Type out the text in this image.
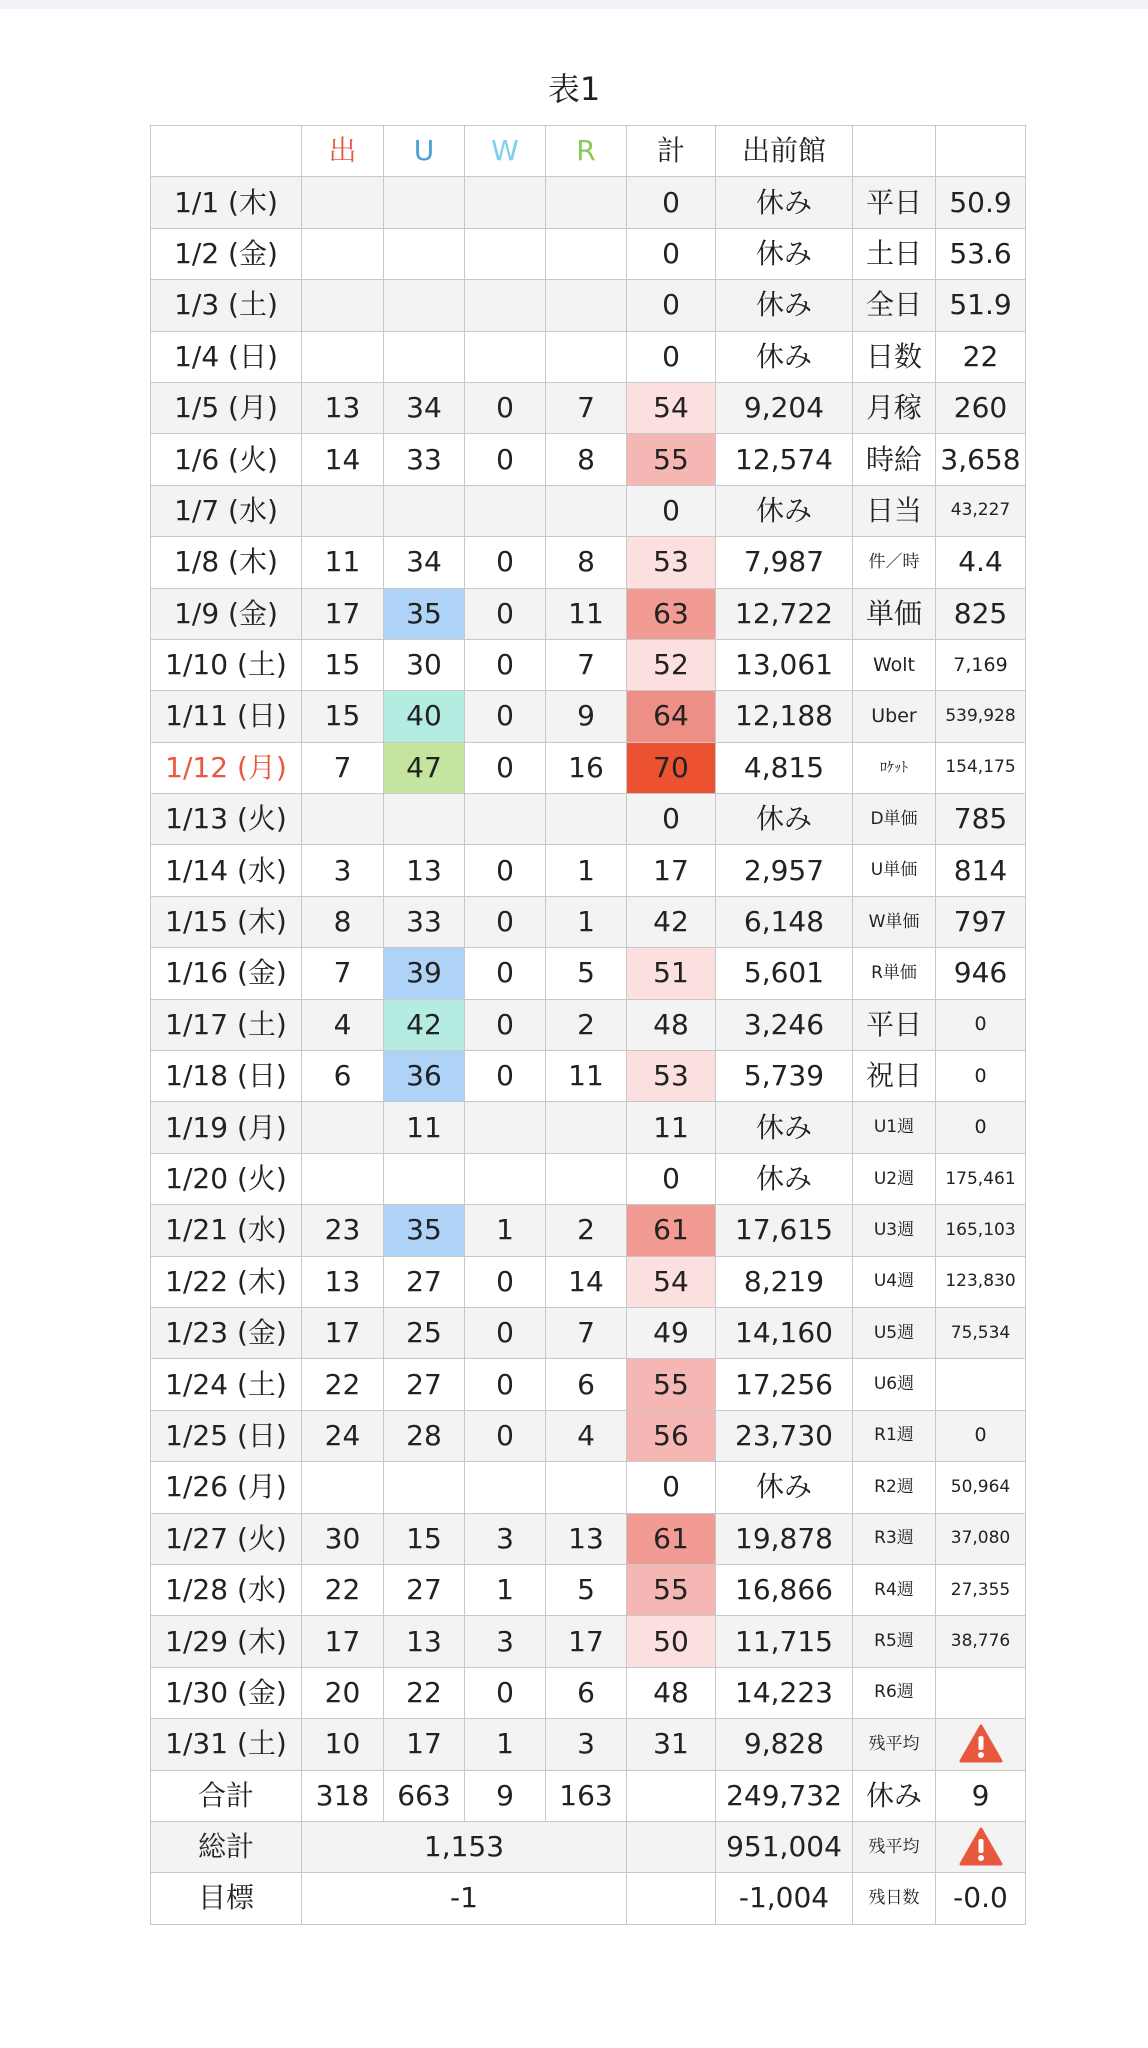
表1
	出	U	W	R	計	出前館		
1/1 (木)					0	休み	平日	50.9
1/2 (金)					0	休み	土日	53.6
1/3 (土)					0	休み	全日	51.9
1/4 (日)					0	休み	日数	22
1/5 (月)	13	34	0	7	54	9,204	月稼	260
1/6 (火)	14	33	0	8	55	12,574	時給	3,658
1/7 (水)					0	休み	日当	43,227
1/8 (木)	11	34	0	8	53	7,987	件／時	4.4
1/9 (金)	17	35	0	11	63	12,722	単価	825
1/10 (土)	15	30	0	7	52	13,061	Wolt	7,169
1/11 (日)	15	40	0	9	64	12,188	Uber	539,928
1/12 (月)	7	47	0	16	70	4,815	ﾛｹｯﾄ	154,175
1/13 (火)					0	休み	D単価	785
1/14 (水)	3	13	0	1	17	2,957	U単価	814
1/15 (木)	8	33	0	1	42	6,148	W単価	797
1/16 (金)	7	39	0	5	51	5,601	R単価	946
1/17 (土)	4	42	0	2	48	3,246	平日	0
1/18 (日)	6	36	0	11	53	5,739	祝日	0
1/19 (月)		11			11	休み	U1週	0
1/20 (火)					0	休み	U2週	175,461
1/21 (水)	23	35	1	2	61	17,615	U3週	165,103
1/22 (木)	13	27	0	14	54	8,219	U4週	123,830
1/23 (金)	17	25	0	7	49	14,160	U5週	75,534
1/24 (土)	22	27	0	6	55	17,256	U6週	
1/25 (日)	24	28	0	4	56	23,730	R1週	0
1/26 (月)					0	休み	R2週	50,964
1/27 (火)	30	15	3	13	61	19,878	R3週	37,080
1/28 (水)	22	27	1	5	55	16,866	R4週	27,355
1/29 (木)	17	13	3	17	50	11,715	R5週	38,776
1/30 (金)	20	22	0	6	48	14,223	R6週	
1/31 (土)	10	17	1	3	31	9,828	残平均	
合計	318	663	9	163		249,732	休み	9
総計	1,153					951,004	残平均	
目標	-1					-1,004	残日数	-0.0
